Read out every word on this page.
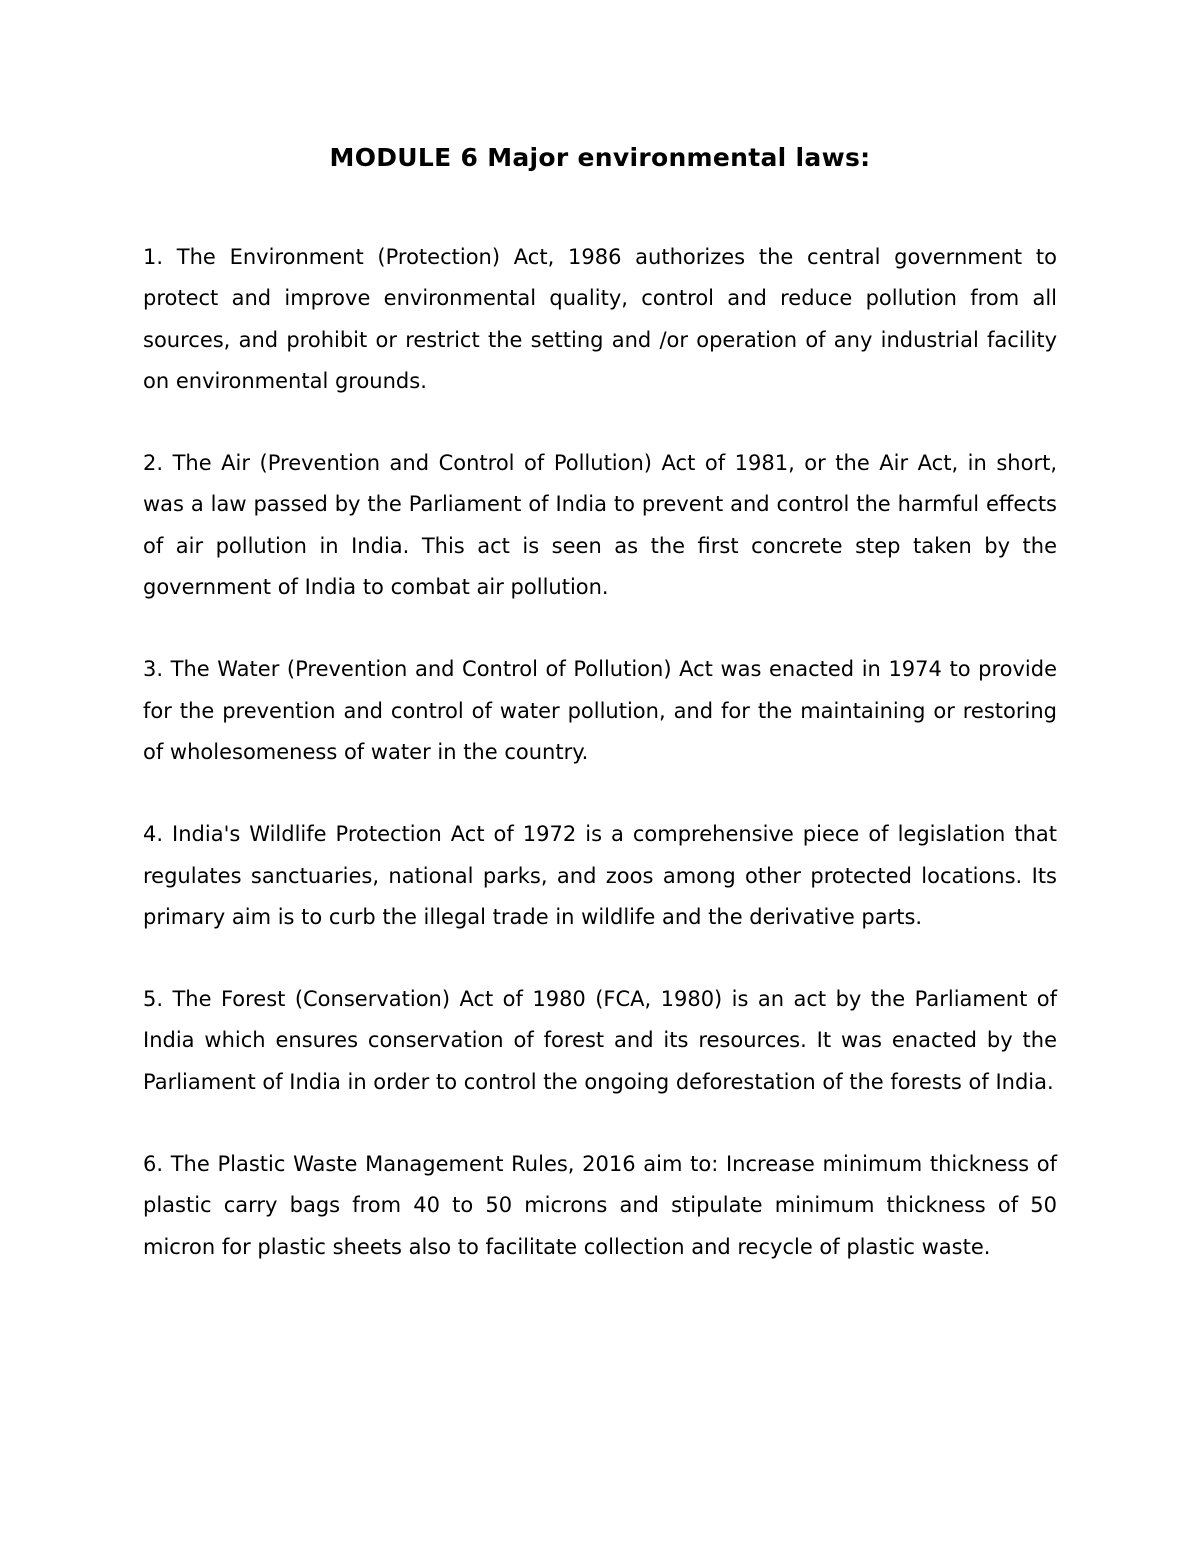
MODULE 6 Major environmental laws:

1. The Environment (Protection) Act, 1986 authorizes the central government to protect and improve environmental quality, control and reduce pollution from all sources, and prohibit or restrict the setting and /or operation of any industrial facility on environmental grounds.

2. The Air (Prevention and Control of Pollution) Act of 1981, or the Air Act, in short, was a law passed by the Parliament of India to prevent and control the harmful effects of air pollution in India. This act is seen as the first concrete step taken by the government of India to combat air pollution.

3. The Water (Prevention and Control of Pollution) Act was enacted in 1974 to provide for the prevention and control of water pollution, and for the maintaining or restoring of wholesomeness of water in the country.

4. India's Wildlife Protection Act of 1972 is a comprehensive piece of legislation that regulates sanctuaries, national parks, and zoos among other protected locations. Its primary aim is to curb the illegal trade in wildlife and the derivative parts.

5. The Forest (Conservation) Act of 1980 (FCA, 1980) is an act by the Parliament of India which ensures conservation of forest and its resources. It was enacted by the Parliament of India in order to control the ongoing deforestation of the forests of India.

6. The Plastic Waste Management Rules, 2016 aim to: Increase minimum thickness of plastic carry bags from 40 to 50 microns and stipulate minimum thickness of 50 micron for plastic sheets also to facilitate collection and recycle of plastic waste.
